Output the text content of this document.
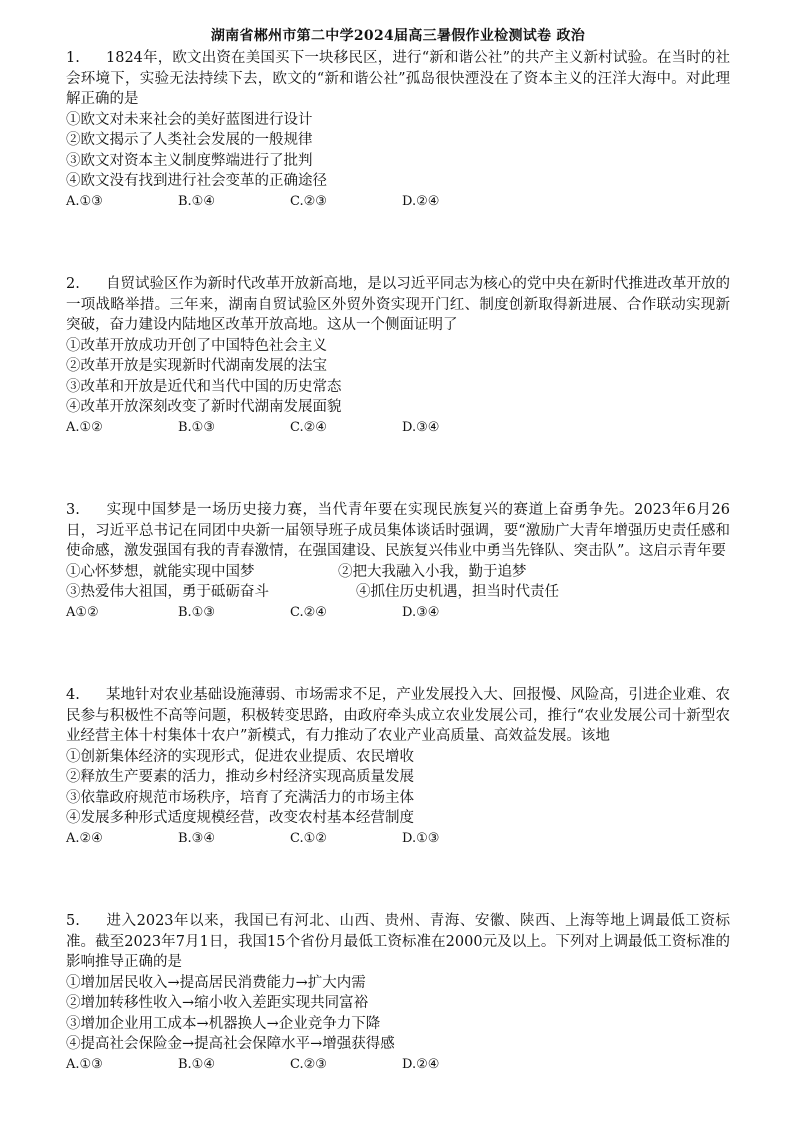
湖南省郴州市第二中学2024届高三暑假作业检测试卷 政治

1. 1824年，欧文出资在美国买下一块移民区，进行“新和谐公社”的共产主义新村试验。在当时的社会环境下，实验无法持续下去，欧文的“新和谐公社”孤岛很快湮没在了资本主义的汪洋大海中。对此理解正确的是

①欧文对未来社会的美好蓝图进行设计

②欧文揭示了人类社会发展的一般规律

③欧文对资本主义制度弊端进行了批判

④欧文没有找到进行社会变革的正确途径

A.①③	B.①④	C.②③	D.②④

2. 自贸试验区作为新时代改革开放新高地，是以习近平同志为核心的党中央在新时代推进改革开放的一项战略举措。三年来，湖南自贸试验区外贸外资实现开门红、制度创新取得新进展、合作联动实现新突破，奋力建设内陆地区改革开放高地。这从一个侧面证明了

①改革开放成功开创了中国特色社会主义

②改革开放是实现新时代湖南发展的法宝

③改革和开放是近代和当代中国的历史常态

④改革开放深刻改变了新时代湖南发展面貌

A.①②	B.①③	C.②④	D.③④

3. 实现中国梦是一场历史接力赛，当代青年要在实现民族复兴的赛道上奋勇争先。2023年6月26日，习近平总书记在同团中央新一届领导班子成员集体谈话时强调，要“激励广大青年增强历史责任感和使命感，激发强国有我的青春激情，在强国建设、民族复兴伟业中勇当先锋队、突击队”。这启示青年要

①心怀梦想，就能实现中国梦	②把大我融入小我，勤于追梦
③热爱伟大祖国，勇于砥砺奋斗	④抓住历史机遇，担当时代责任
A①②	B.①③	C.②④	D.③④

4. 某地针对农业基础设施薄弱、市场需求不足，产业发展投入大、回报慢、风险高，引进企业难、农民参与积极性不高等问题，积极转变思路，由政府牵头成立农业发展公司，推行“农业发展公司十新型农业经营主体十村集体十农户”新模式，有力推动了农业产业高质量、高效益发展。该地

①创新集体经济的实现形式，促进农业提质、农民增收

②释放生产要素的活力，推动乡村经济实现高质量发展

③依靠政府规范市场秩序，培育了充满活力的市场主体

④发展多种形式适度规模经营，改变农村基本经营制度

A.②④	B.③④	C.①②	D.①③

5. 进入2023年以来，我国已有河北、山西、贵州、青海、安徽、陕西、上海等地上调最低工资标准。截至2023年7月1日，我国15个省份月最低工资标准在2000元及以上。下列对上调最低工资标准的影响推导正确的是

①增加居民收入→提高居民消费能力→扩大内需

②增加转移性收入→缩小收入差距实现共同富裕

③增加企业用工成本→机器换人→企业竞争力下降

④提高社会保险金→提高社会保障水平→增强获得感

A.①③	B.①④	C.②③	D.②④
